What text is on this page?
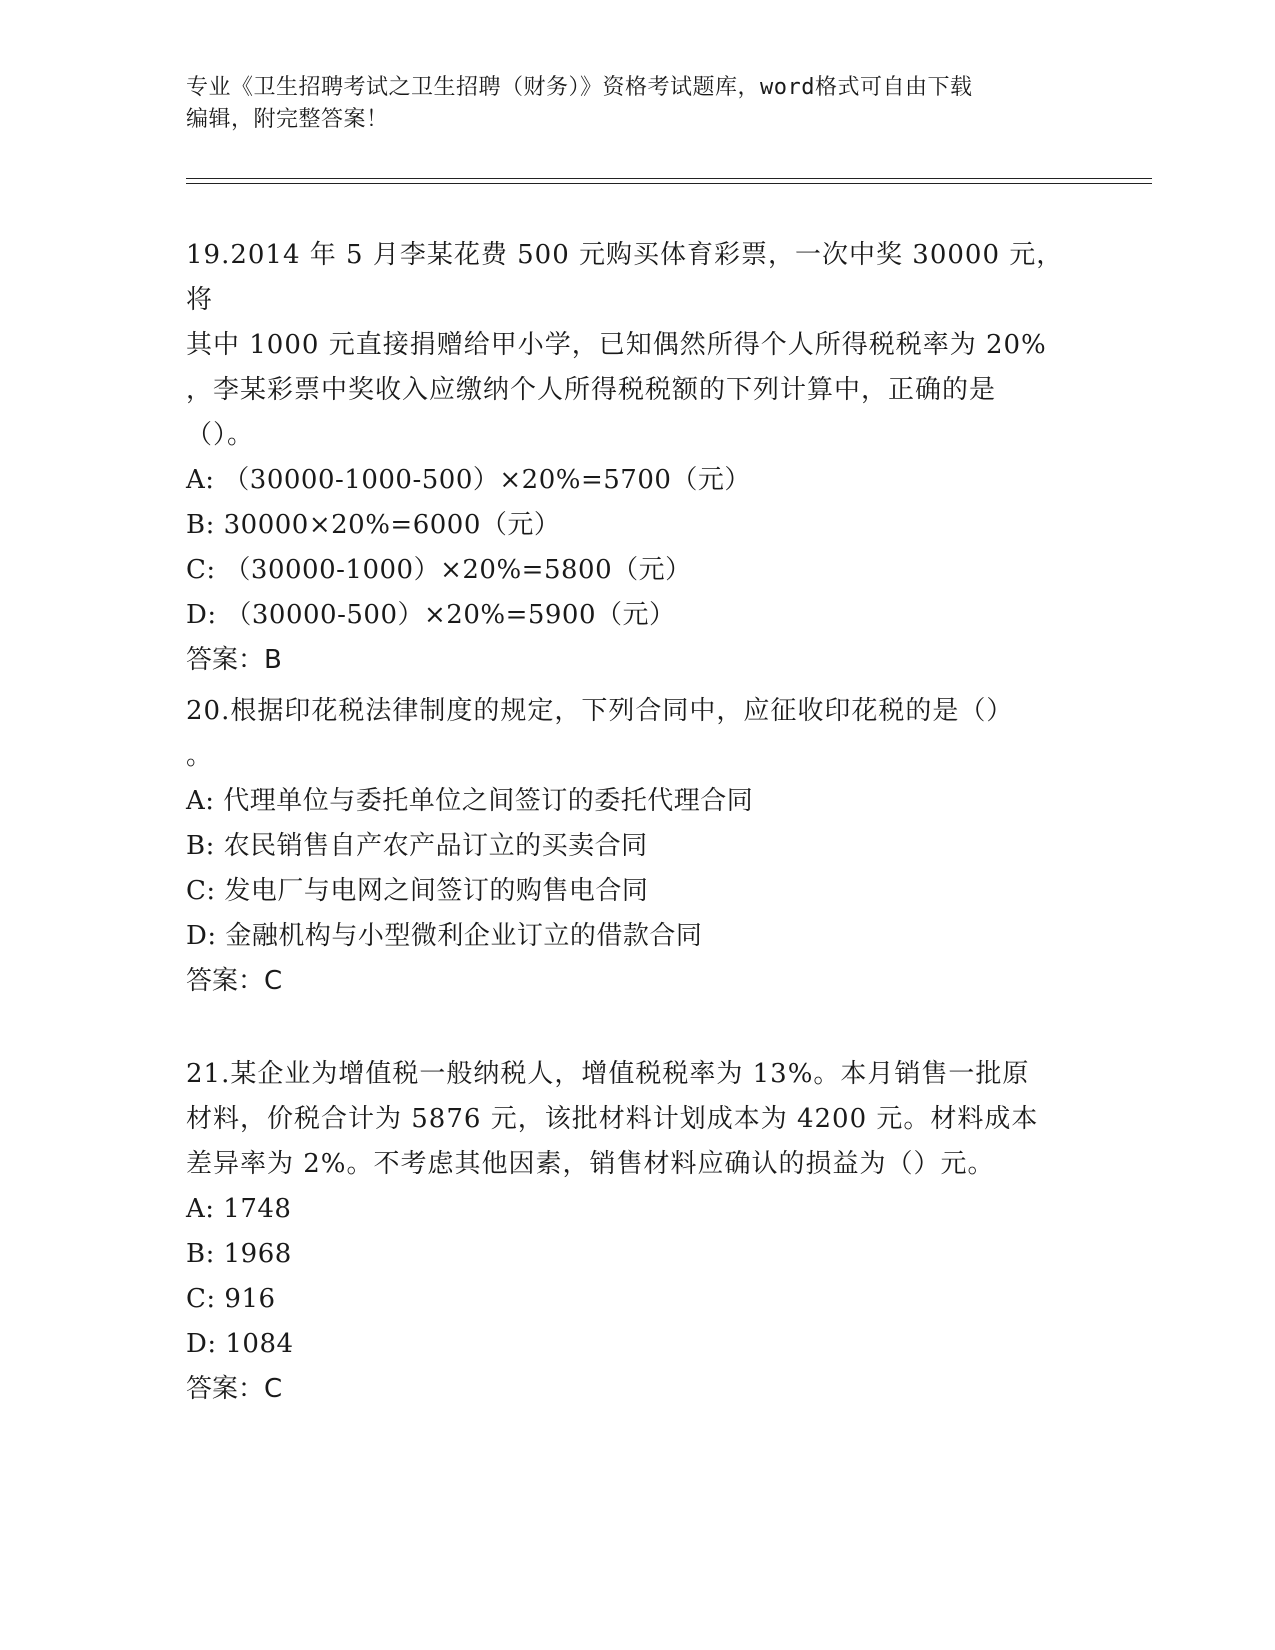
专业《卫生招聘考试之卫生招聘（财务）》资格考试题库，word格式可自由下载
编辑，附完整答案！
19.2014 年 5 月李某花费 500 元购买体育彩票，一次中奖 30000 元，将
其中 1000 元直接捐赠给甲小学，已知偶然所得个人所得税税率为 20%
，李某彩票中奖收入应缴纳个人所得税税额的下列计算中，正确的是
（）。
A: （30000-1000-500）×20%=5700（元）
B: 30000×20%=6000（元）
C: （30000-1000）×20%=5800（元）
D: （30000-500）×20%=5900（元）
答案：B
20.根据印花税法律制度的规定，下列合同中，应征收印花税的是（）
。
A: 代理单位与委托单位之间签订的委托代理合同
B: 农民销售自产农产品订立的买卖合同
C: 发电厂与电网之间签订的购售电合同
D: 金融机构与小型微利企业订立的借款合同
答案：C
21.某企业为增值税一般纳税人，增值税税率为 13%。本月销售一批原
材料，价税合计为 5876 元，该批材料计划成本为 4200 元。材料成本
差异率为 2%。不考虑其他因素，销售材料应确认的损益为（）元。
A: 1748
B: 1968
C: 916
D: 1084
答案：C
